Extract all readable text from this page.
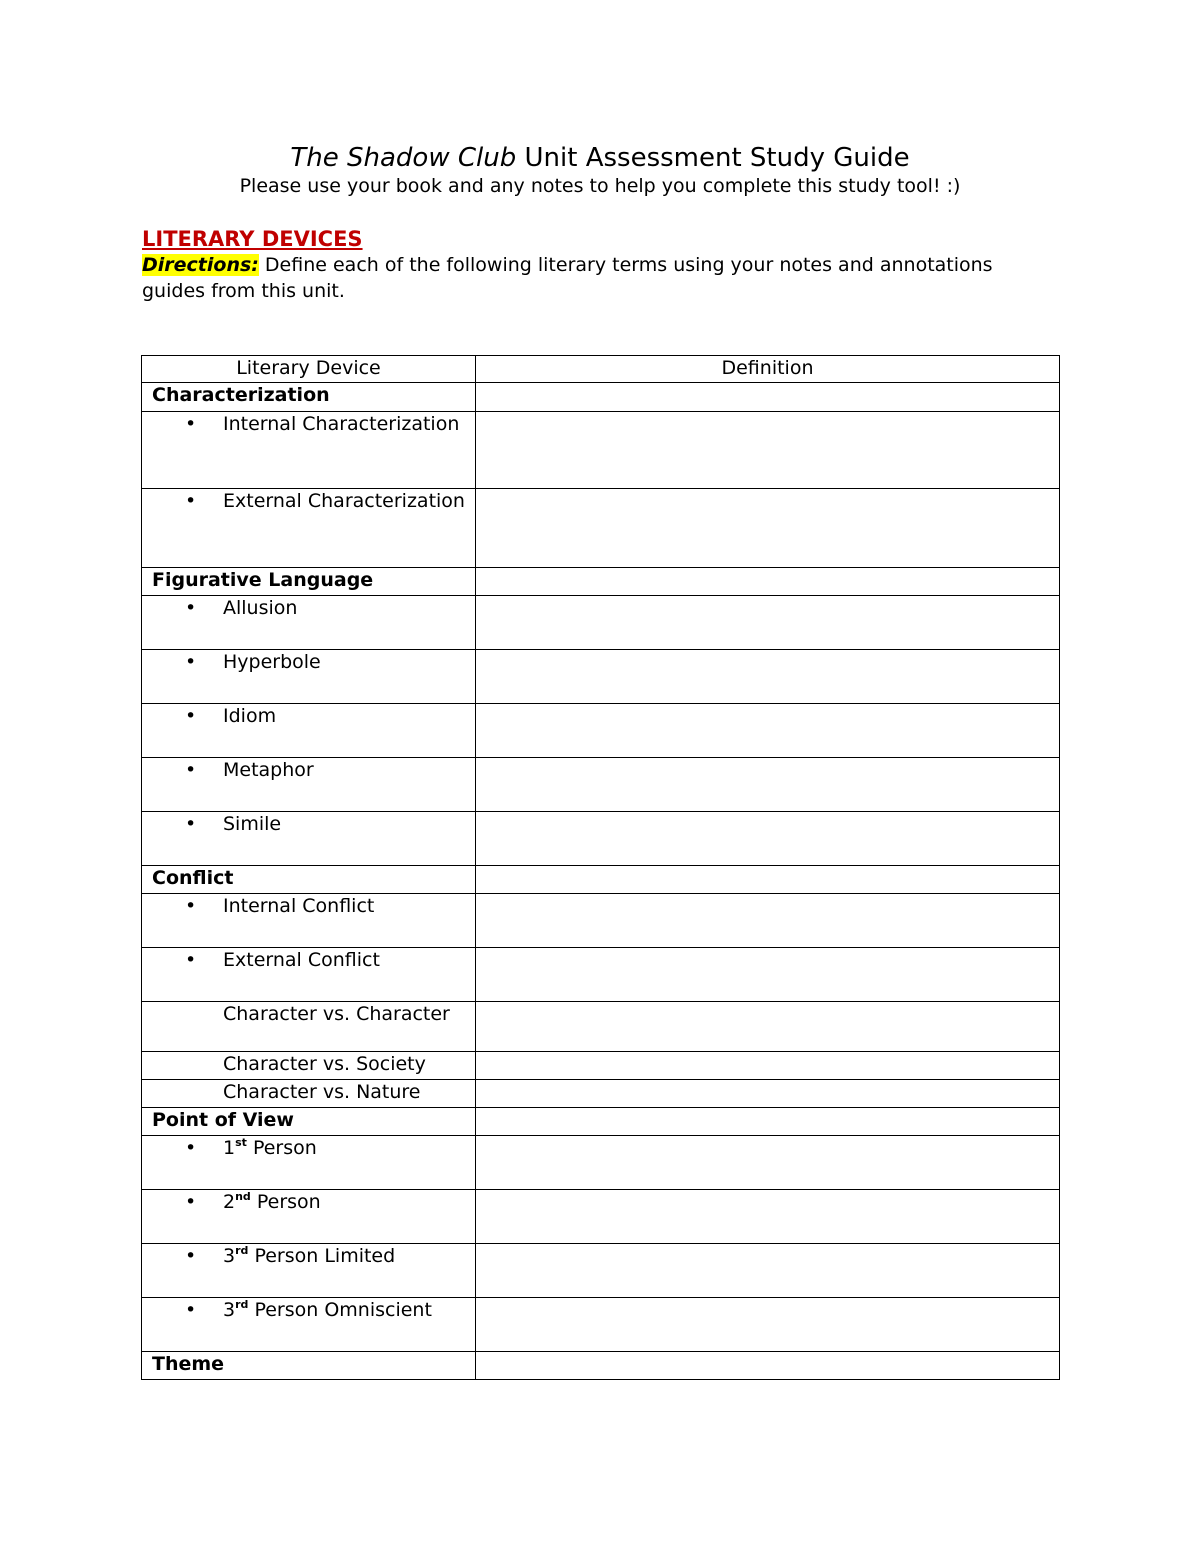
The Shadow Club Unit Assessment Study Guide
Please use your book and any notes to help you complete this study tool! :)
LITERARY DEVICES
Directions: Define each of the following literary terms using your notes and annotations guides from this unit.
Literary Device	Definition
Characterization	

• Internal Characterization	

• External Characterization	
Figurative Language	

• Allusion	

• Hyperbole	

• Idiom	

• Metaphor	

• Simile	
Conflict	

• Internal Conflict	

• External Conflict	
Character vs. Character	
Character vs. Society	
Character vs. Nature	
Point of View	

• 1st Person	

• 2nd Person	

• 3rd Person Limited	

• 3rd Person Omniscient	
Theme	
